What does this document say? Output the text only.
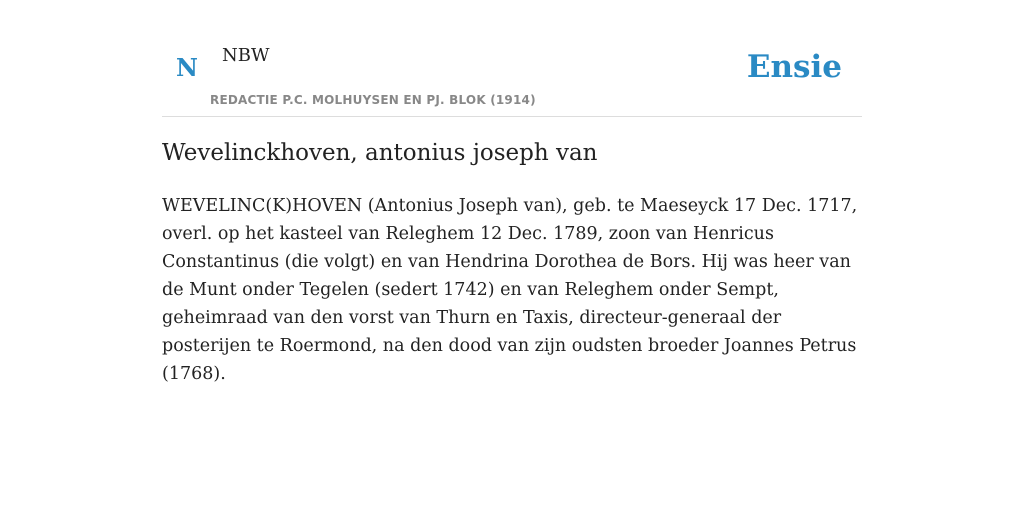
N NBW
REDACTIE P.C. MOLHUYSEN EN PJ. BLOK (1914)
Ensie
Wevelinckhoven, antonius joseph van

WEVELINC(K)HOVEN (Antonius Joseph van), geb. te Maeseyck 17 Dec. 1717, overl. op het kasteel van Releghem 12 Dec. 1789, zoon van Henricus Constantinus (die volgt) en van Hendrina Dorothea de Bors. Hij was heer van de Munt onder Tegelen (sedert 1742) en van Releghem onder Sempt, geheimraad van den vorst van Thurn en Taxis, directeur-generaal der posterijen te Roermond, na den dood van zijn oudsten broeder Joannes Petrus (1768).
